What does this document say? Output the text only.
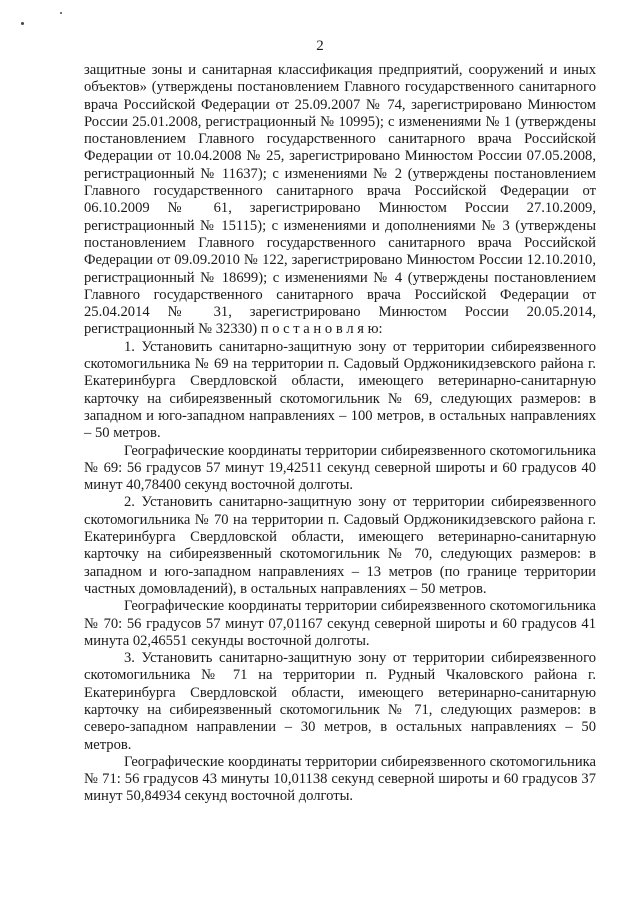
2

защитные зоны и санитарная классификация предприятий, сооружений и иных объектов» (утверждены постановлением Главного государственного санитарного врача Российской Федерации от 25.09.2007 № 74, зарегистрировано Минюстом России 25.01.2008, регистрационный № 10995); с изменениями № 1 (утверждены постановлением Главного государственного санитарного врача Российской Федерации от 10.04.2008 № 25, зарегистрировано Минюстом России 07.05.2008, регистрационный № 11637); с изменениями № 2 (утверждены постановлением Главного государственного санитарного врача Российской Федерации от 06.10.2009 № 61, зарегистрировано Минюстом России 27.10.2009, регистрационный № 15115); с изменениями и дополнениями № 3 (утверждены постановлением Главного государственного санитарного врача Российской Федерации от 09.09.2010 № 122, зарегистрировано Минюстом России 12.10.2010, регистрационный № 18699); с изменениями № 4 (утверждены постановлением Главного государственного санитарного врача Российской Федерации от 25.04.2014 № 31, зарегистрировано Минюстом России 20.05.2014, регистрационный № 32330) п о с т а н о в л я ю:

1. Установить санитарно-защитную зону от территории сибиреязвенного скотомогильника № 69 на территории п. Садовый Орджоникидзевского района г. Екатеринбурга Свердловской области, имеющего ветеринарно-санитарную карточку на сибиреязвенный скотомогильник № 69, следующих размеров: в западном и юго-западном направлениях – 100 метров, в остальных направлениях – 50 метров.

Географические координаты территории сибиреязвенного скотомогильника № 69: 56 градусов 57 минут 19,42511 секунд северной широты и 60 градусов 40 минут 40,78400 секунд восточной долготы.

2. Установить санитарно-защитную зону от территории сибиреязвенного скотомогильника № 70 на территории п. Садовый Орджоникидзевского района г. Екатеринбурга Свердловской области, имеющего ветеринарно-санитарную карточку на сибиреязвенный скотомогильник № 70, следующих размеров: в западном и юго-западном направлениях – 13 метров (по границе территории частных домовладений), в остальных направлениях – 50 метров.

Географические координаты территории сибиреязвенного скотомогильника № 70: 56 градусов 57 минут 07,01167 секунд северной широты и 60 градусов 41 минута 02,46551 секунды восточной долготы.

3. Установить санитарно-защитную зону от территории сибиреязвенного скотомогильника № 71 на территории п. Рудный Чкаловского района г. Екатеринбурга Свердловской области, имеющего ветеринарно-санитарную карточку на сибиреязвенный скотомогильник № 71, следующих размеров: в северо-западном направлении – 30 метров, в остальных направлениях – 50 метров.

Географические координаты территории сибиреязвенного скотомогильника № 71: 56 градусов 43 минуты 10,01138 секунд северной широты и 60 градусов 37 минут 50,84934 секунд восточной долготы.
